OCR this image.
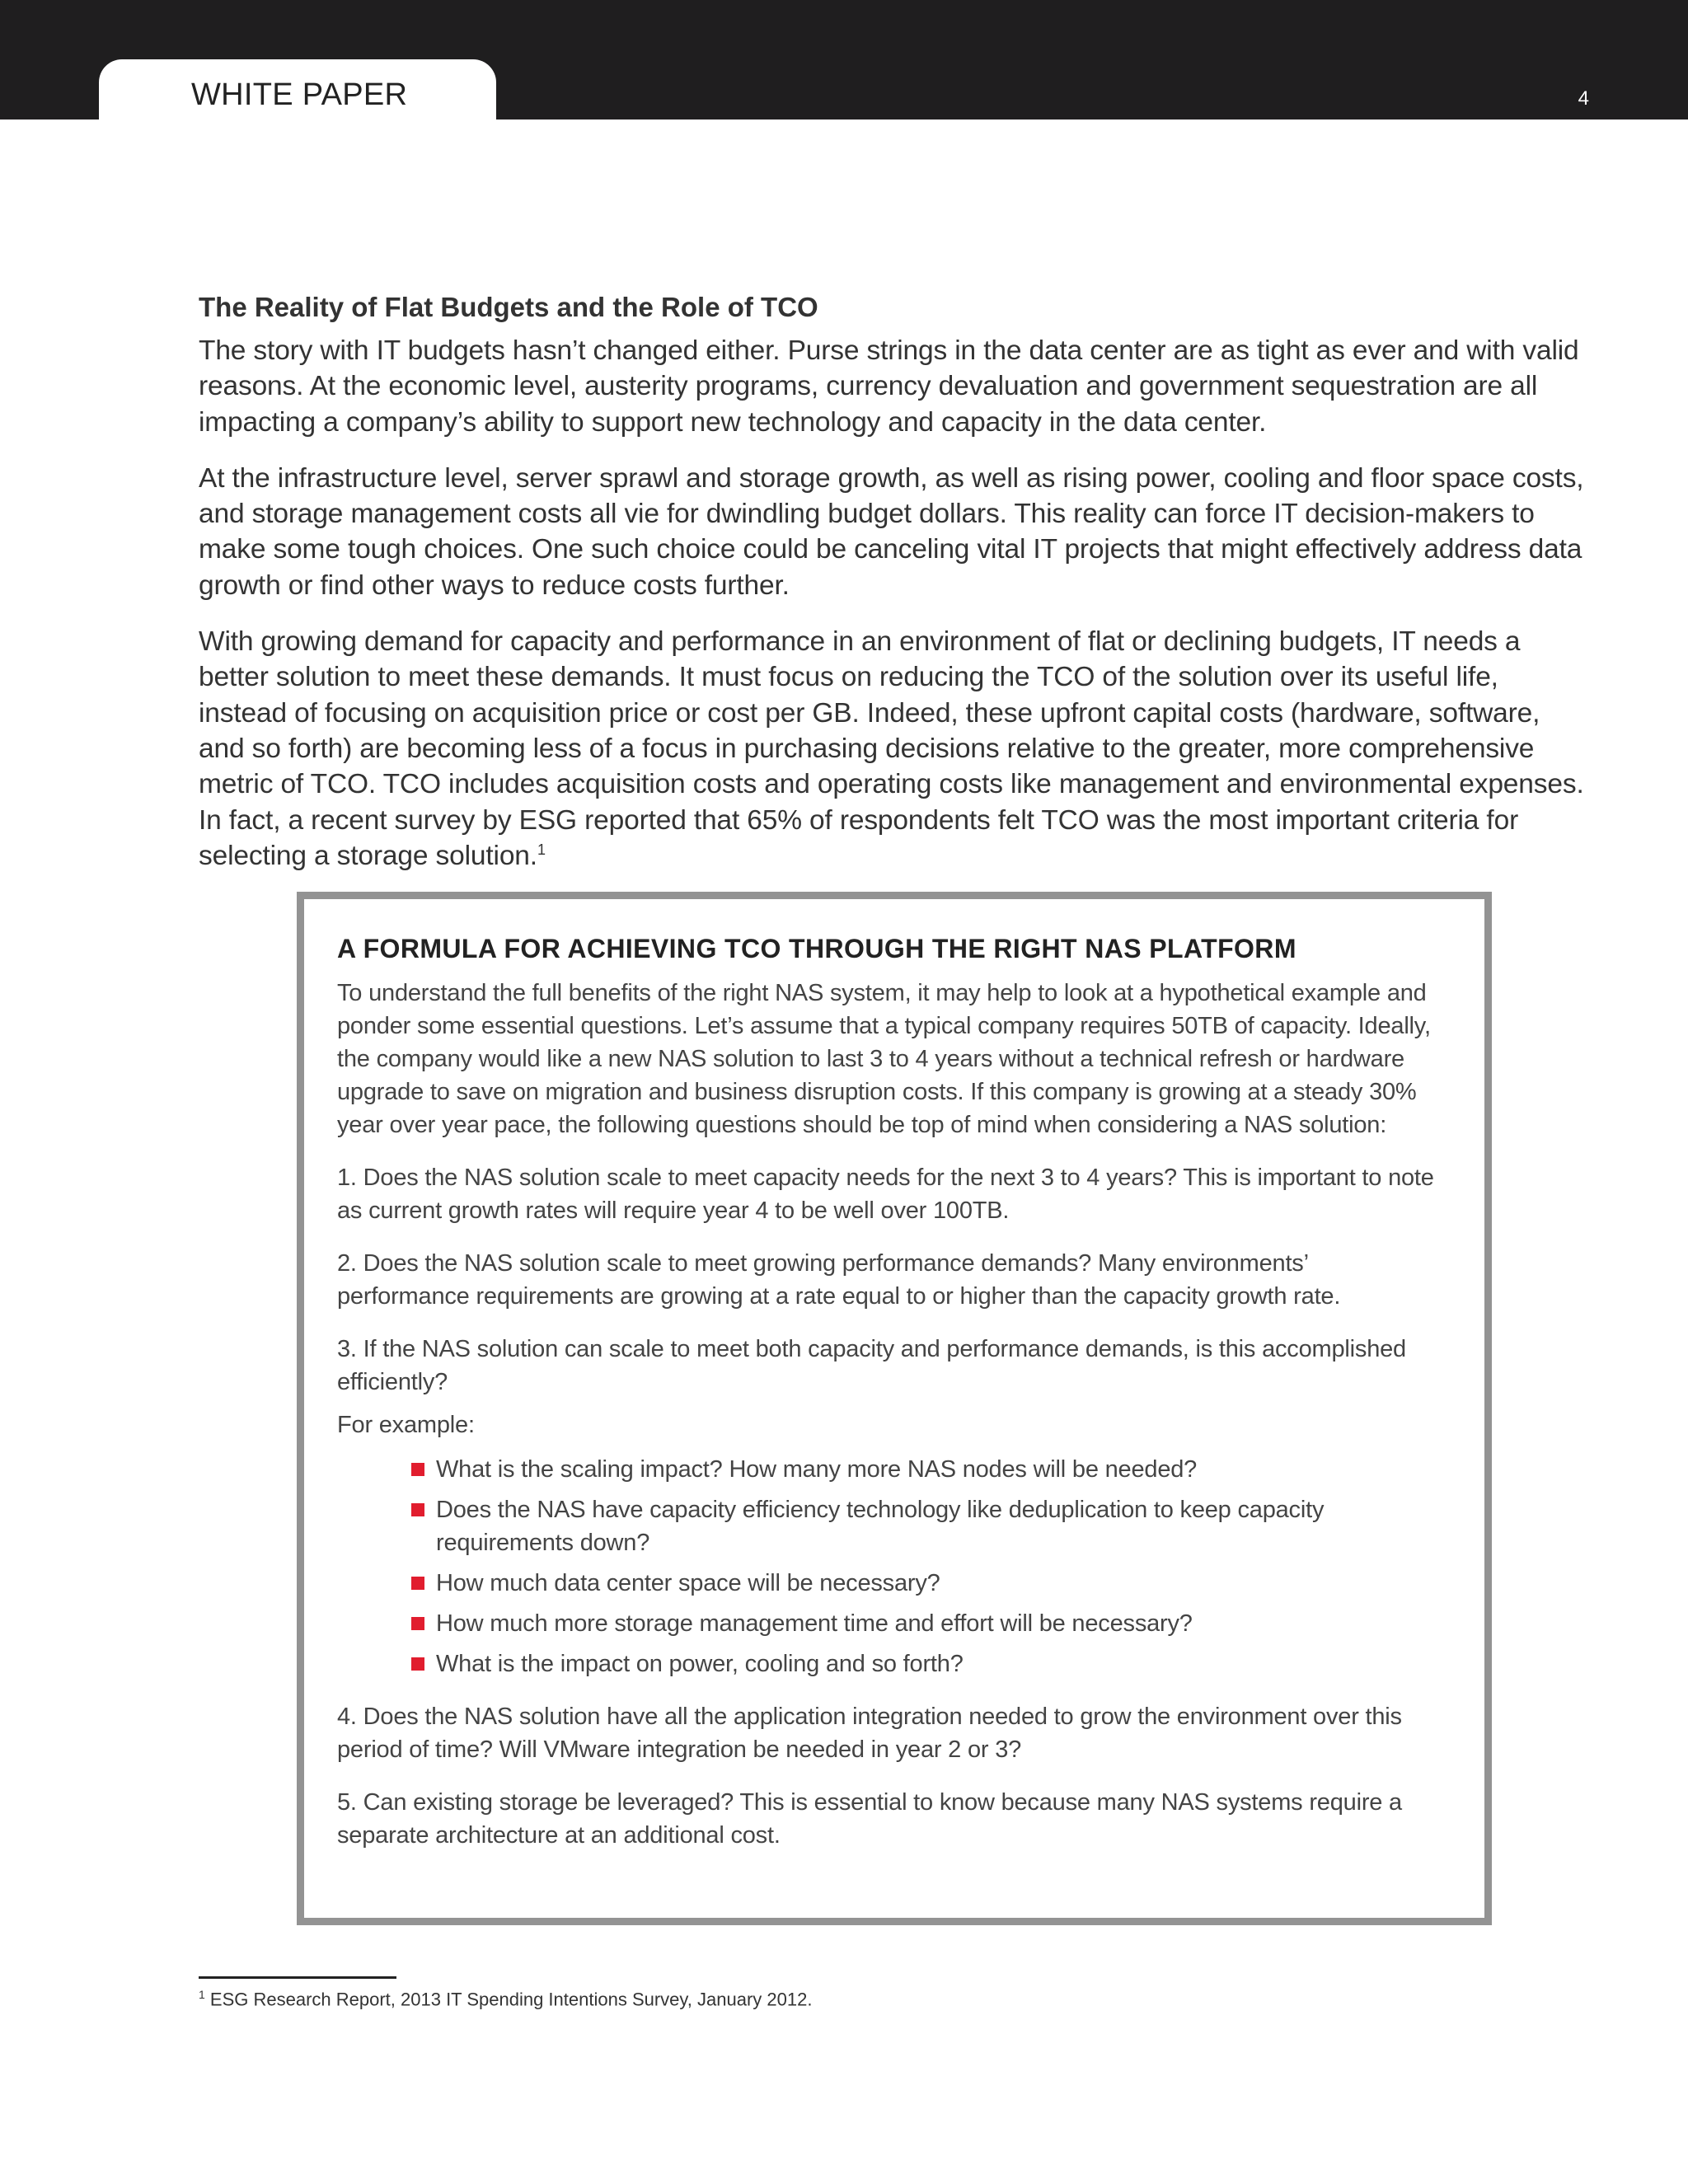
WHITE PAPER	4
The Reality of Flat Budgets and the Role of TCO

The story with IT budgets hasn’t changed either. Purse strings in the data center are as tight as ever and with valid reasons. At the economic level, austerity programs, currency devaluation and government sequestration are all impacting a company’s ability to support new technology and capacity in the data center.

At the infrastructure level, server sprawl and storage growth, as well as rising power, cooling and floor space costs, and storage management costs all vie for dwindling budget dollars. This reality can force IT decision-makers to make some tough choices. One such choice could be canceling vital IT projects that might effectively address data growth or find other ways to reduce costs further.

With growing demand for capacity and performance in an environment of flat or declining budgets, IT needs a better solution to meet these demands. It must focus on reducing the TCO of the solution over its useful life, instead of focusing on acquisition price or cost per GB. Indeed, these upfront capital costs (hardware, software, and so forth) are becoming less of a focus in purchasing decisions relative to the greater, more comprehensive metric of TCO. TCO includes acquisition costs and operating costs like management and environmental expenses. In fact, a recent survey by ESG reported that 65% of respondents felt TCO was the most important criteria for selecting a storage solution.$^1$

A FORMULA FOR ACHIEVING TCO THROUGH THE RIGHT NAS PLATFORM

To understand the full benefits of the right NAS system, it may help to look at a hypothetical example and ponder some essential questions. Let’s assume that a typical company requires 50TB of capacity. Ideally, the company would like a new NAS solution to last 3 to 4 years without a technical refresh or hardware upgrade to save on migration and business disruption costs. If this company is growing at a steady 30% year over year pace, the following questions should be top of mind when considering a NAS solution:

1. Does the NAS solution scale to meet capacity needs for the next 3 to 4 years? This is important to note as current growth rates will require year 4 to be well over 100TB.

2. Does the NAS solution scale to meet growing performance demands? Many environments’ performance requirements are growing at a rate equal to or higher than the capacity growth rate.

3. If the NAS solution can scale to meet both capacity and performance demands, is this accomplished efficiently?

For example:

What is the scaling impact? How many more NAS nodes will be needed?
Does the NAS have capacity efficiency technology like deduplication to keep capacity requirements down?
How much data center space will be necessary?
How much more storage management time and effort will be necessary?
What is the impact on power, cooling and so forth?

4. Does the NAS solution have all the application integration needed to grow the environment over this period of time? Will VMware integration be needed in year 2 or 3?

5. Can existing storage be leveraged? This is essential to know because many NAS systems require a separate architecture at an additional cost.

$^1$ ESG Research Report, 2013 IT Spending Intentions Survey, January 2012.
